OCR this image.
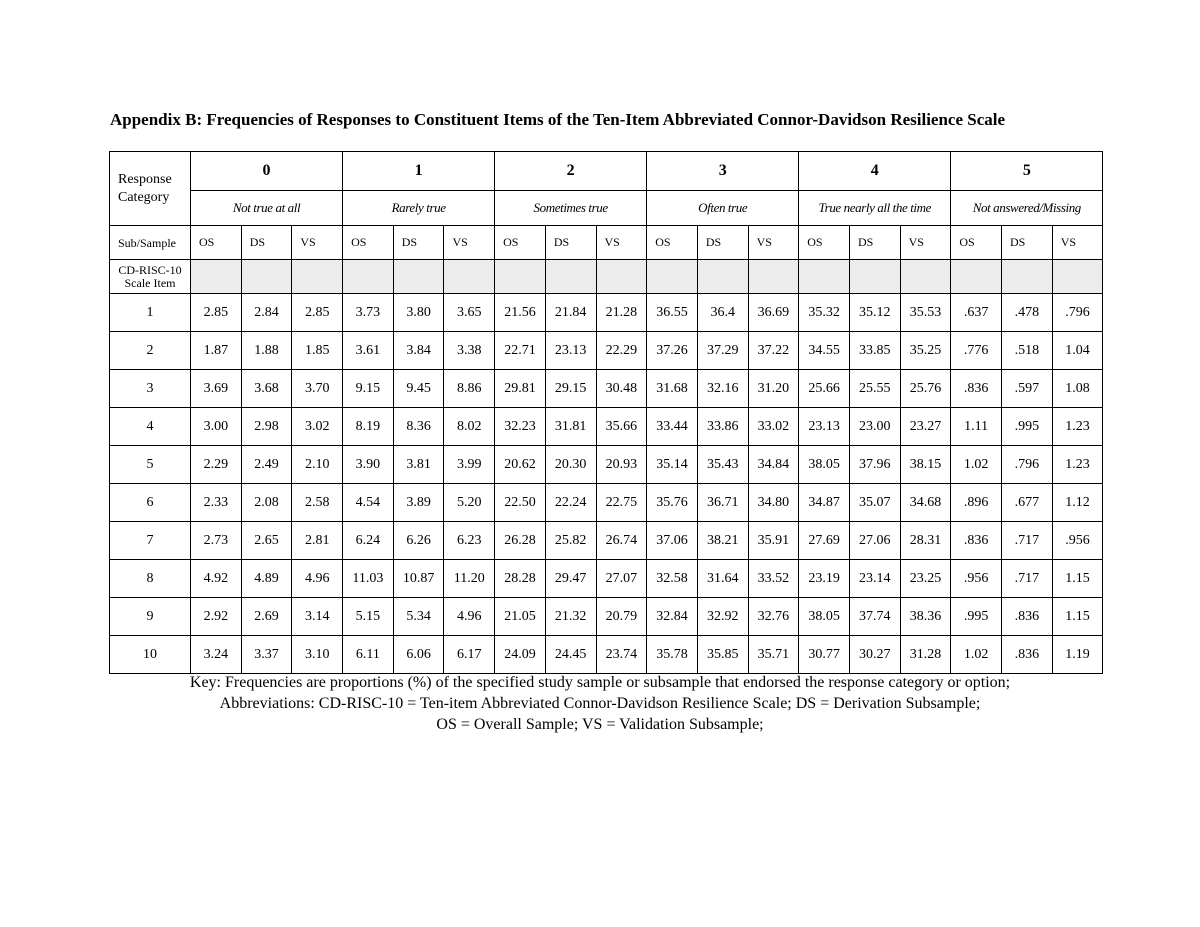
Appendix B: Frequencies of Responses to Constituent Items of the Ten-Item Abbreviated Connor-Davidson Resilience Scale
Response Category	0			1			2			3			4			5		
	Not true at all			Rarely true			Sometimes true			Often true			True nearly all the time			Not answered/Missing		
Sub/Sample	OS	DS	VS	OS	DS	VS	OS	DS	VS	OS	DS	VS	OS	DS	VS	OS	DS	VS
CD-RISC-10 Scale Item																		
1	2.85	2.84	2.85	3.73	3.80	3.65	21.56	21.84	21.28	36.55	36.4	36.69	35.32	35.12	35.53	.637	.478	.796
2	1.87	1.88	1.85	3.61	3.84	3.38	22.71	23.13	22.29	37.26	37.29	37.22	34.55	33.85	35.25	.776	.518	1.04
3	3.69	3.68	3.70	9.15	9.45	8.86	29.81	29.15	30.48	31.68	32.16	31.20	25.66	25.55	25.76	.836	.597	1.08
4	3.00	2.98	3.02	8.19	8.36	8.02	32.23	31.81	35.66	33.44	33.86	33.02	23.13	23.00	23.27	1.11	.995	1.23
5	2.29	2.49	2.10	3.90	3.81	3.99	20.62	20.30	20.93	35.14	35.43	34.84	38.05	37.96	38.15	1.02	.796	1.23
6	2.33	2.08	2.58	4.54	3.89	5.20	22.50	22.24	22.75	35.76	36.71	34.80	34.87	35.07	34.68	.896	.677	1.12
7	2.73	2.65	2.81	6.24	6.26	6.23	26.28	25.82	26.74	37.06	38.21	35.91	27.69	27.06	28.31	.836	.717	.956
8	4.92	4.89	4.96	11.03	10.87	11.20	28.28	29.47	27.07	32.58	31.64	33.52	23.19	23.14	23.25	.956	.717	1.15
9	2.92	2.69	3.14	5.15	5.34	4.96	21.05	21.32	20.79	32.84	32.92	32.76	38.05	37.74	38.36	.995	.836	1.15
10	3.24	3.37	3.10	6.11	6.06	6.17	24.09	24.45	23.74	35.78	35.85	35.71	30.77	30.27	31.28	1.02	.836	1.19
Key: Frequencies are proportions (%) of the specified study sample or subsample that endorsed the response category or option;
Abbreviations: CD-RISC-10 = Ten-item Abbreviated Connor-Davidson Resilience Scale; DS = Derivation Subsample;
OS = Overall Sample; VS = Validation Subsample;
